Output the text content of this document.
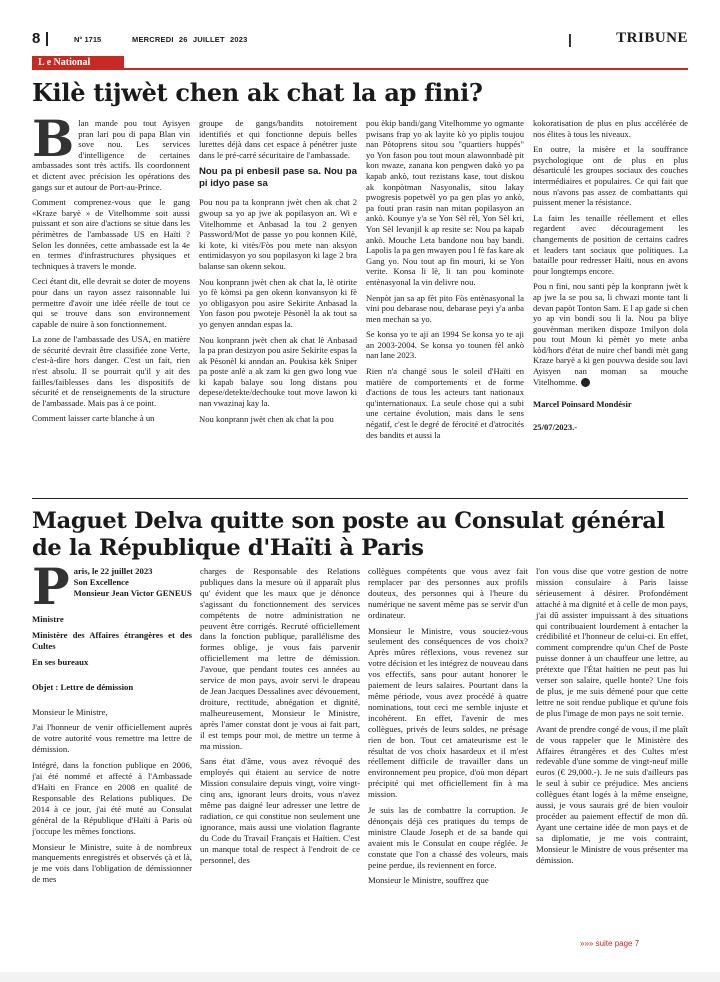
8	N° 1715	MERCREDI 26 JUILLET 2023	|	TRIBUNE
L e National
Kilè tijwèt chen ak chat la ap fini?

Blan mande pou tout Ayisyen pran lari pou di papa Blan vin sove nou. Les services d'intelligence de certaines ambassades sont très actifs. Ils coordonnent et dictent avec précision les opérations des gangs sur et autour de Port-au-Prince.

Comment comprenez-vous que le gang «Kraze baryè » de Vitelhomme soit aussi puissant et son aire d'actions se situe dans les périmètres de l'ambassade US en Haïti ? Selon les données, cette ambassade est la 4e en termes d'infrastructures physiques et techniques à travers le monde.

Ceci étant dit, elle devrait se doter de moyens pour dans un rayon assez raisonnable lui permettre d'avoir une idée réelle de tout ce qui se trouve dans son environnement capable de nuire à son fonctionnement.

La zone de l'ambassade des USA, en matière de sécurité devrait être classifiée zone Verte, c'est-à-dire hors danger. C'est un fait, rien n'est absolu. Il se pourrait qu'il y ait des failles/faiblesses dans les dispositifs de sécurité et de renseignements de la structure de l'ambassade. Mais pas à ce point.

Comment laisser carte blanche à un

groupe de gangs/bandits notoirement identifiés et qui fonctionne depuis belles lurettes déjà dans cet espace à pénétrer juste dans le pré-carré sécuritaire de l'ambassade.

Nou pa pi enbesil pase sa. Nou pa pi idyo pase sa

Pou nou pa ta konprann jwèt chen ak chat 2 gwoup sa yo ap jwe ak popilasyon an. Wi e Vitelhomme et Anbasad la tou 2 genyen Password/Mot de passe yo pou konnen Kilè, ki kote, ki vitès/Fòs pou mete nan aksyon entimidasyon yo sou popilasyon ki lage 2 bra balanse san okenn sekou.

Nou konprann jwèt chen ak chat la, lè otirite yo fè kòmsi pa gen okenn konvansyon ki fè yo obligasyon pou asire Sekirite Anbasad la Yon fason pou pwoteje Pèsonèl la ak tout sa yo genyen anndan espas la.

Nou konprann jwèt chen ak chat lè Anbasad la pa pran desizyon pou asire Sekirite espas la ak Pèsonèl ki anndan an. Poukisa kèk Sniper pa poste anlè a ak zam ki gen gwo long vue ki kapab balaye sou long distans pou depese/detekte/dechouke tout move lawon ki nan vwazinaj kay la.

Nou konprann jwèt chen ak chat la pou

pou èkip bandi/gang Vitelhomme yo ogmante pwisans frap yo ak layite kò yo piplis toujou nan Pòtoprens sitou sou "quartiers huppés" yo Yon fason pou tout moun alawonnbadè pit kon nwaze, zanana kon pengwen dakò yo pa kapab ankò, tout rezistans kase, tout diskou ak konpòtman Nasyonalis, sitou lakay pwogresis popetwèl yo pa gen plas yo ankò, pa fouti pran rasin nan mitan popilasyon an ankò. Kounye y'a se Yon Sèl rèl, Yon Sèl kri, Yon Sèl levanjil k ap resite se: Nou pa kapab ankò. Mouche Leta bandone nou bay bandi. Lapolis la pa gen mwayen pou l fè fas kare ak Gang yo. Nou tout ap fin mouri, ki se Yon verite. Konsa li lè, li tan pou kominote entènasyonal la vin delivre nou.

Nenpòt jan sa ap fèt pito Fòs entènasyonal la vini pou debarase nou, debarase peyi y'a anba men mechan sa yo.

Se konsa yo te aji an 1994 Se konsa yo te aji an 2003-2004. Se konsa yo tounen fèl ankò nan lane 2023.

Rien n'a changé sous le soleil d'Haïti en matière de comportements et de forme d'actions de tous les acteurs tant nationaux qu'internationaux. La seule chose qui a subi une certaine évolution, mais dans le sens négatif, c'est le degré de férocité et d'atrocités des bandits et aussi la

kokoratisation de plus en plus accélérée de nos élites à tous les niveaux.

En outre, la misère et la souffrance psychologique ont de plus en plus désarticulé les groupes sociaux des couches intermédiaires et populaires. Ce qui fait que nous n'avons pas assez de combattants qui puissent mener la résistance.

La faim les tenaille réellement et elles regardent avec découragement les changements de position de certains cadres et leaders tant sociaux que politiques. La bataille pour redresser Haïti, nous en avons pour longtemps encore.

Pou n fini, nou santi pèp la konprann jwèt k ap jwe la se pou sa, li chwazi monte tant li devan papòt Tonton Sam. E l ap gade si chen yo ap vin bondi sou li la. Nou pa bliye gouvènman meriken dispoze 1milyon dola pou tout Moun ki pèmèt yo mete anba kòd/hors d'état de nuire chef bandi mèt gang Kraze baryè a ki gen pouvwa deside sou lavi Ayisyen nan moman sa mouche Vitelhomme.

Marcel Poinsard Mondésir

25/07/2023.-

Maguet Delva quitte son poste au Consulat général de la République d'Haïti à Paris
P aris, le 22 juillet 2023
Son Excellence
Monsieur Jean Victor GENEUS

Ministre

Ministère des Affaires étrangères et des Cultes

En ses bureaux

Objet : Lettre de démission

Monsieur le Ministre,

J'ai l'honneur de venir officiellement auprès de votre autorité vous remettre ma lettre de démission.

Intégré, dans la fonction publique en 2006, j'ai été nommé et affecté à l'Ambassade d'Haïti en France en 2008 en qualité de Responsable des Relations publiques. De 2014 à ce jour, j'ai été muté au Consulat général de la République d'Haïti à Paris où j'occupe les mêmes fonctions.

Monsieur le Ministre, suite à de nombreux manquements enregistrés et observés çà et là, je me vois dans l'obligation de démissionner de mes

charges de Responsable des Relations publiques dans la mesure où il apparaît plus qu' évident que les maux que je dénonce s'agissant du fonctionnement des services compétents de notre administration ne peuvent être corrigés. Recruté officiellement dans la fonction publique, parallélisme des formes oblige, je vous fais parvenir officiellement ma lettre de démission. J'avoue, que pendant toutes ces années au service de mon pays, avoir servi le drapeau de Jean Jacques Dessalines avec dévouement, droiture, rectitude, abnégation et dignité, malheureusement, Monsieur le Ministre, après l'amer constat dont je vous ai fait part, il est temps pour moi, de mettre un terme à ma mission.

Sans état d'âme, vous avez révoqué des employés qui étaient au service de notre Mission consulaire depuis vingt, voire vingt-cinq ans, ignorant leurs droits, vous n'avez même pas daigné leur adresser une lettre de radiation, ce qui constitue non seulement une ignorance, mais aussi une violation flagrante du Code du Travail Français et Haïtien. C'est un manque total de respect à l'endroit de ce personnel, des

collègues compétents que vous avez fait remplacer par des personnes aux profils douteux, des personnes qui à l'heure du numérique ne savent même pas se servir d'un ordinateur.

Monsieur le Ministre, vous souciez-vous seulement des conséquences de vos choix? Après mûres réflexions, vous revenez sur votre décision et les intégrez de nouveau dans vos effectifs, sans pour autant honorer le paiement de leurs salaires. Pourtant dans la même période, vous avez procédé à quatre nominations, tout ceci me semble injuste et incohérent. En effet, l'avenir de mes collègues, privés de leurs soldes, ne présage rien de bon. Tout cet amateurisme est le résultat de vos choix hasardeux et il m'est réellement difficile de travailler dans un environnement peu propice, d'où mon départ précipité qui met officiellement fin à ma mission.

Je suis las de combattre la corruption. Je dénonçais déjà ces pratiques du temps de ministre Claude Joseph et de sa bande qui avaient mis le Consulat en coupe réglée. Je constate que l'on a chassé des voleurs, mais peine perdue, ils reviennent en force.

Monsieur le Ministre, souffrez que

l'on vous dise que votre gestion de notre mission consulaire à Paris laisse sérieusement à désirer. Profondément attaché à ma dignité et à celle de mon pays, j'ai dû assister impuissant à des situations qui contribuaient lourdement à entacher la crédibilité et l'honneur de celui-ci. En effet, comment comprendre qu'un Chef de Poste puisse donner à un chauffeur une lettre, au prétexte que l'État haïtien ne peut pas lui verser son salaire, quelle honte? Une fois de plus, je me suis démené pour que cette lettre ne soit rendue publique et qu'une fois de plus l'image de mon pays ne soit ternie.

Avant de prendre congé de vous, il me plaît de vous rappeler que le Ministère des Affaires étrangères et des Cultes m'est redevable d'une somme de vingt-neuf mille euros (€ 29,000.-). Je ne suis d'ailleurs pas le seul à subir ce préjudice. Mes anciens collègues étant logés à la même enseigne, aussi, je vous saurais gré de bien vouloir procéder au paiement effectif de mon dû. Ayant une certaine idée de mon pays et de sa diplomatie, je me vois contraint, Monsieur le Ministre de vous présenter ma démission.

»»» suite page 7
